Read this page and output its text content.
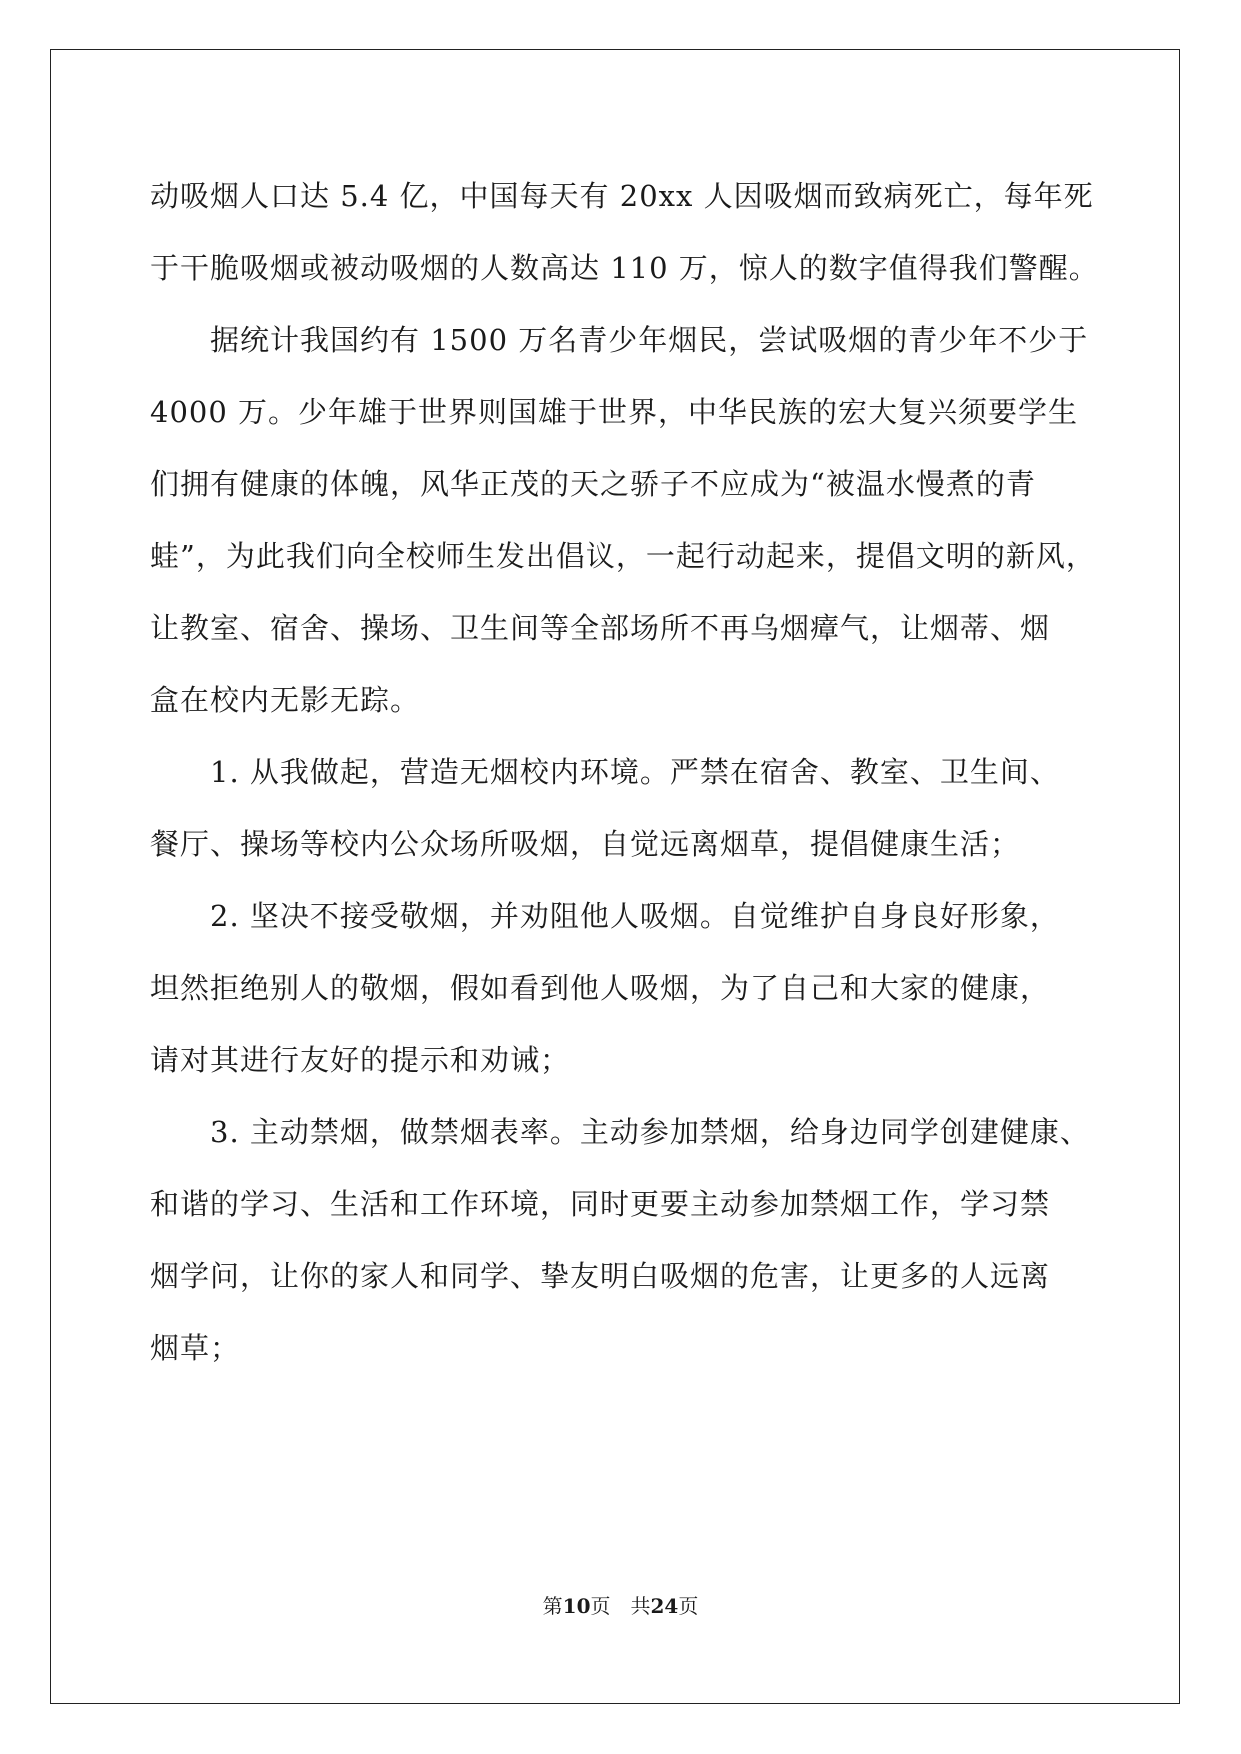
动吸烟人口达 5.4 亿，中国每天有 20xx 人因吸烟而致病死亡，每年死
于干脆吸烟或被动吸烟的人数高达 110 万，惊人的数字值得我们警醒。
据统计我国约有 1500 万名青少年烟民，尝试吸烟的青少年不少于
4000 万。少年雄于世界则国雄于世界，中华民族的宏大复兴须要学生
们拥有健康的体魄，风华正茂的天之骄子不应成为“被温水慢煮的青
蛙”，为此我们向全校师生发出倡议，一起行动起来，提倡文明的新风，
让教室、宿舍、操场、卫生间等全部场所不再乌烟瘴气，让烟蒂、烟
盒在校内无影无踪。
1. 从我做起，营造无烟校内环境。严禁在宿舍、教室、卫生间、
餐厅、操场等校内公众场所吸烟，自觉远离烟草，提倡健康生活；
2. 坚决不接受敬烟，并劝阻他人吸烟。自觉维护自身良好形象，
坦然拒绝别人的敬烟，假如看到他人吸烟，为了自己和大家的健康，
请对其进行友好的提示和劝诫；
3. 主动禁烟，做禁烟表率。主动参加禁烟，给身边同学创建健康、
和谐的学习、生活和工作环境，同时更要主动参加禁烟工作，学习禁
烟学问，让你的家人和同学、挚友明白吸烟的危害，让更多的人远离
烟草；
第10页 共24页
